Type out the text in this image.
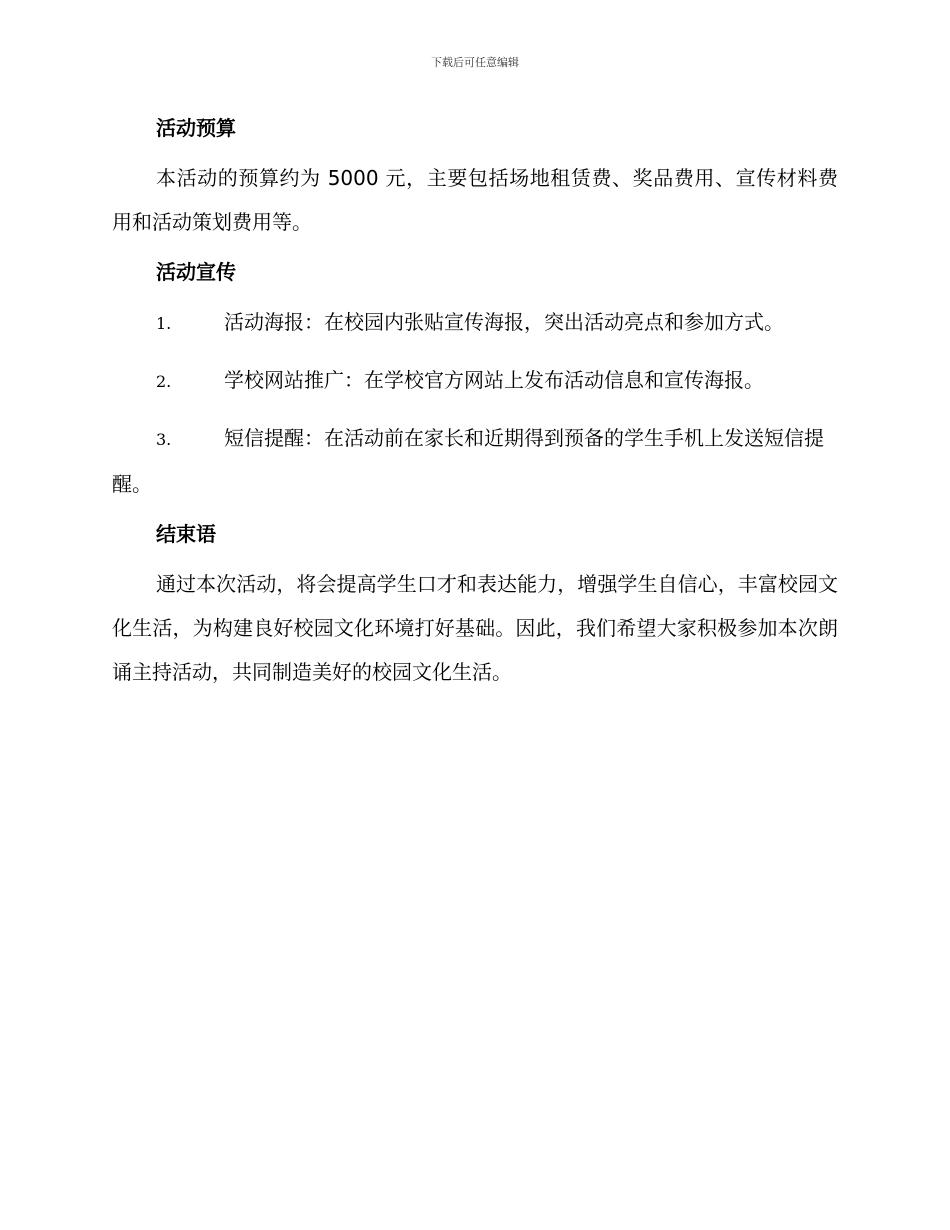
下载后可任意编辑
活动预算
本活动的预算约为 5000 元，主要包括场地租赁费、奖品费用、宣传材料费用和活动策划费用等。
活动宣传
1.	活动海报：在校园内张贴宣传海报，突出活动亮点和参加方式。
2.	学校网站推广：在学校官方网站上发布活动信息和宣传海报。
3.	短信提醒：在活动前在家长和近期得到预备的学生手机上发送短信提醒。
结束语
通过本次活动，将会提高学生口才和表达能力，增强学生自信心，丰富校园文化生活，为构建良好校园文化环境打好基础。因此，我们希望大家积极参加本次朗诵主持活动，共同制造美好的校园文化生活。
